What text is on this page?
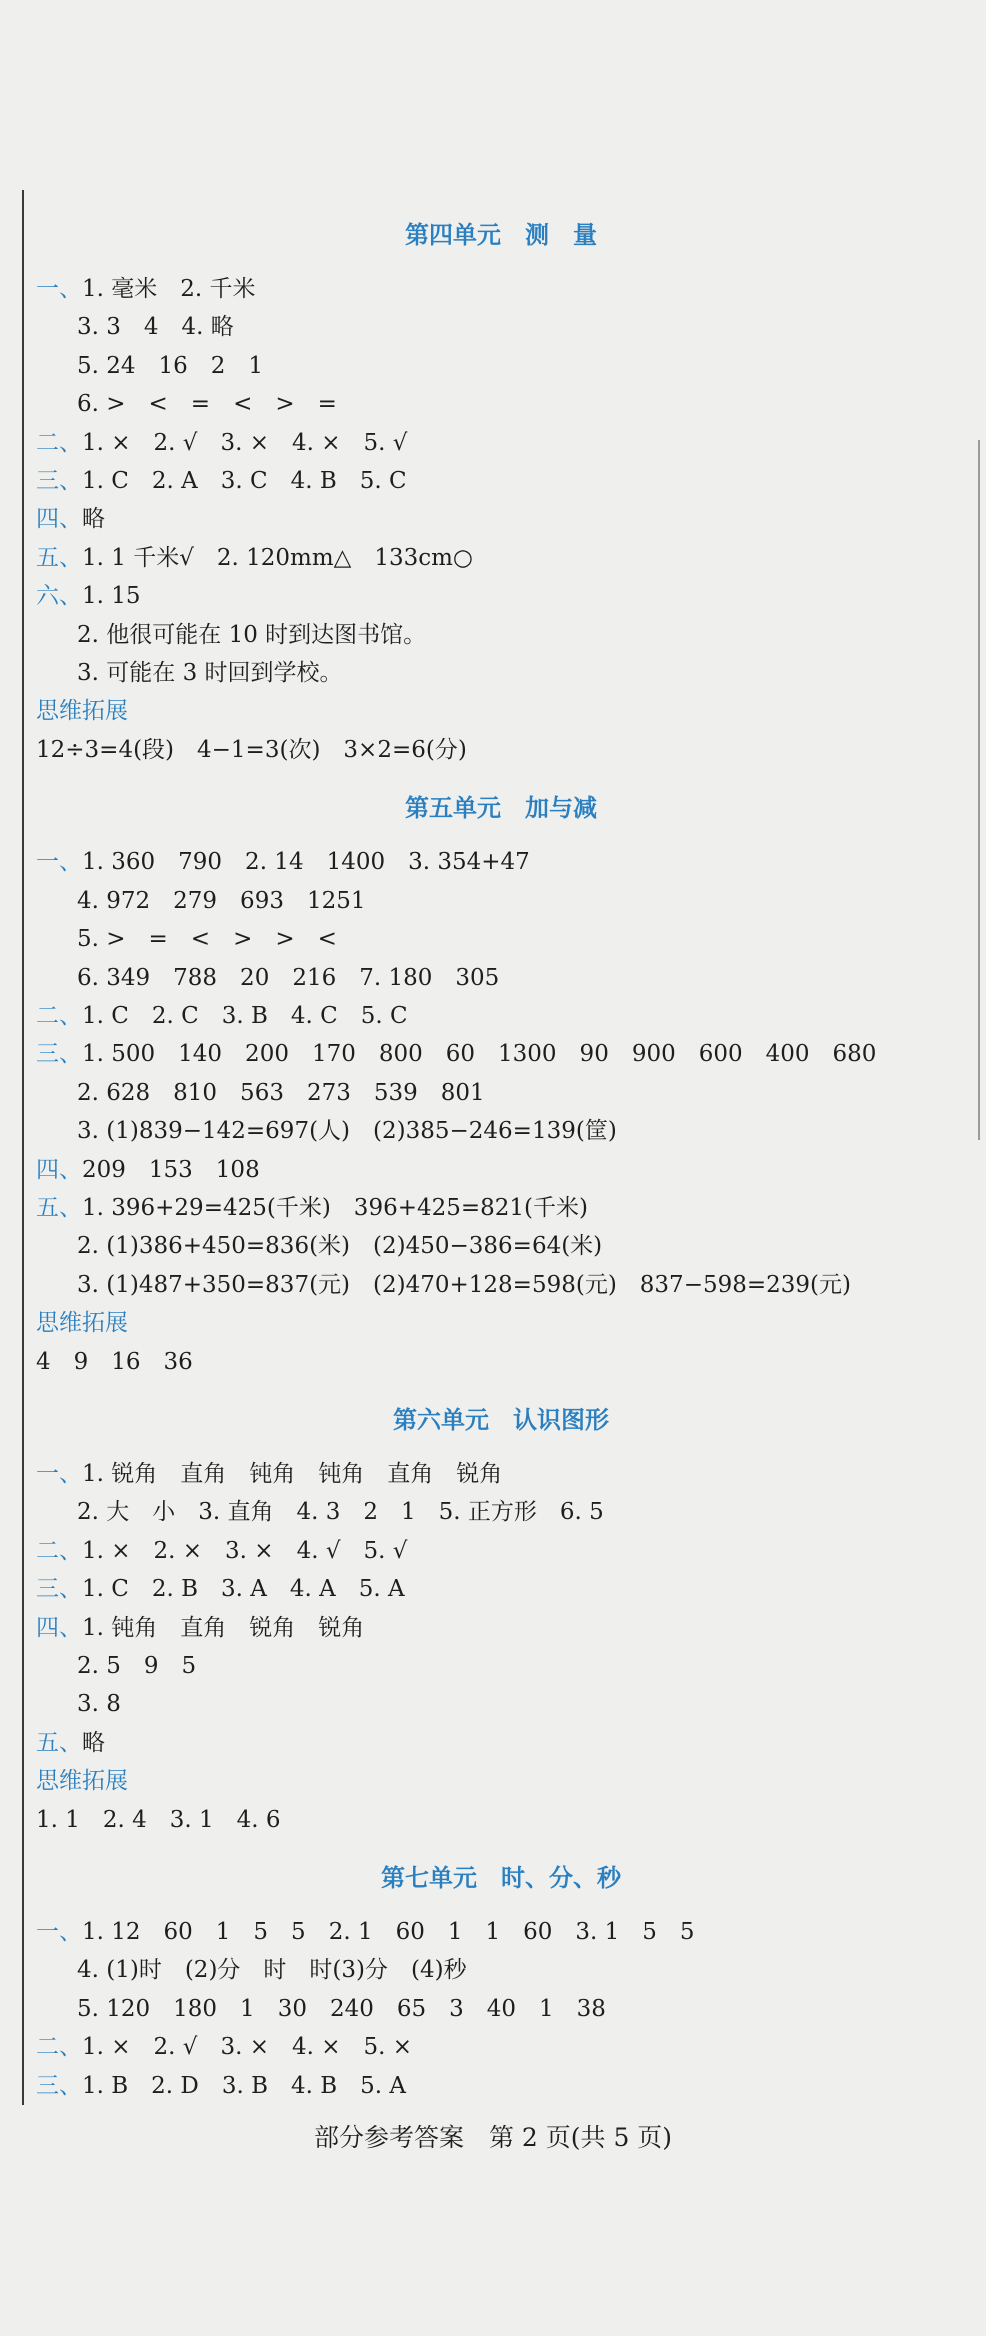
第四单元　测　量
一、1. 毫米　2. 千米
3. 3　4　4. 略
5. 24　16　2　1
6. >　<　=　<　>　=
二、1. ×　2. √　3. ×　4. ×　5. √
三、1. C　2. A　3. C　4. B　5. C
四、略
五、1. 1 千米√　2. 120mm△　133cm○
六、1. 15
2. 他很可能在 10 时到达图书馆。
3. 可能在 3 时回到学校。
思维拓展
12÷3=4(段)　4−1=3(次)　3×2=6(分)
第五单元　加与减
一、1. 360　790　2. 14　1400　3. 354+47
4. 972　279　693　1251
5. >　=　<　>　>　<
6. 349　788　20　216　7. 180　305
二、1. C　2. C　3. B　4. C　5. C
三、1. 500　140　200　170　800　60　1300　90　900　600　400　680
2. 628　810　563　273　539　801
3. (1)839−142=697(人)　(2)385−246=139(筐)
四、209　153　108
五、1. 396+29=425(千米)　396+425=821(千米)
2. (1)386+450=836(米)　(2)450−386=64(米)
3. (1)487+350=837(元)　(2)470+128=598(元)　837−598=239(元)
思维拓展
4　9　16　36
第六单元　认识图形
一、1. 锐角　直角　钝角　钝角　直角　锐角
2. 大　小　3. 直角　4. 3　2　1　5. 正方形　6. 5
二、1. ×　2. ×　3. ×　4. √　5. √
三、1. C　2. B　3. A　4. A　5. A
四、1. 钝角　直角　锐角　锐角
2. 5　9　5
3. 8
五、略
思维拓展
1. 1　2. 4　3. 1　4. 6
第七单元　时、分、秒
一、1. 12　60　1　5　5　2. 1　60　1　1　60　3. 1　5　5
4. (1)时　(2)分　时　时(3)分　(4)秒
5. 120　180　1　30　240　65　3　40　1　38
二、1. ×　2. √　3. ×　4. ×　5. ×
三、1. B　2. D　3. B　4. B　5. A
部分参考答案　第 2 页(共 5 页)
